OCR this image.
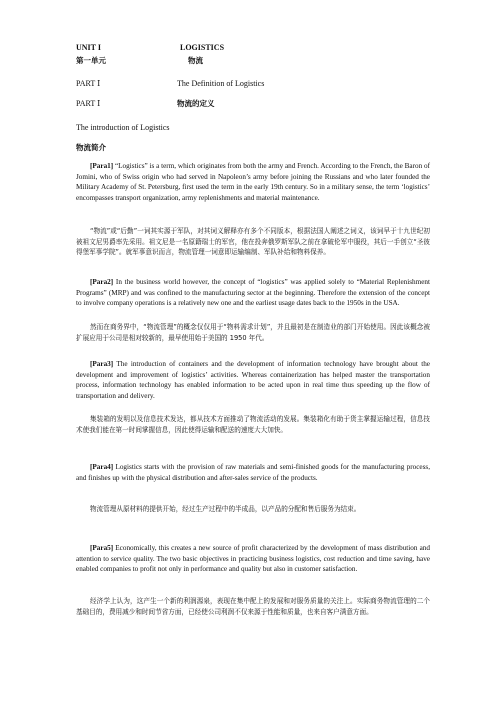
UNIT I	LOGISTICS
第一单元	物流
PART Ⅰ	The Definition of Logistics
PART Ⅰ	物流的定义
The introduction of Logistics
物流简介
[Para1] “Logistics” is a term, which originates from both the army and French. According to the French, the Baron of Jomini, who of Swiss origin who had served in Napoleon’s army before joining the Russians and who later founded the Military Academy of St. Petersburg, first used the term in the early 19th century. So in a military sense, the term ‘logistics’ encompasses transport organization, army replenishments and material maintenance.
“物流”或“后勤”一词其实源于军队，对其词义解释亦有多个不同版本，根据法国人阐述之词义，该词早于十九世纪初被祖文尼男爵率先采用。祖文尼是一名原籍瑞士的军官，他在投奔俄罗斯军队之前在拿破伦军中服役，其后一手创立“圣彼得堡军事学院”。就军事意识而言，物流管理一词意即运输编制、军队补给和物料保养。
[Para2] In the business world however, the concept of “logistics” was applied solely to “Material Replenishment Programs” (MRP) and was confined to the manufacturing sector at the beginning. Therefore the extension of the concept to involve company operations is a relatively new one and the earliest usage dates back to the 1950s in the USA.
然而在商务界中，“物流管理”的概念仅仅用于“物料需求计划”，并且最初是在制造业的部门开始使用。因此该概念被扩展应用于公司是相对较新的，最早使用始于美国的 1950 年代。
[Para3] The introduction of containers and the development of information technology have brought about the development and improvement of logistics’ activities. Whereas containerization has helped master the transportation process, information technology has enabled information to be acted upon in real time thus speeding up the flow of transportation and delivery.
集装箱的发明以及信息技术发达，都从技术方面推动了物流活动的发展。集装箱化有助于货主掌握运输过程，信息技术使我们能在第一时间掌握信息，因此使得运输和配送的速度大大加快。
[Para4] Logistics starts with the provision of raw materials and semi-finished goods for the manufacturing process, and finishes up with the physical distribution and after-sales service of the products.
物流管理从原材料的提供开始，经过生产过程中的半成品，以产品的分配和售后服务为结束。
[Para5] Economically, this creates a new source of profit characterized by the development of mass distribution and attention to service quality. The two basic objectives in practicing business logistics, cost reduction and time saving, have enabled companies to profit not only in performance and quality but also in customer satisfaction.
经济学上认为，这产生一个新的利润源泉，表现在集中配上的发展和对服务质量的关注上。实际商务物流管理的二个基础目的，费用减少和时间节省方面，已经使公司利润不仅来源于性能和质量，也来自客户满意方面。
